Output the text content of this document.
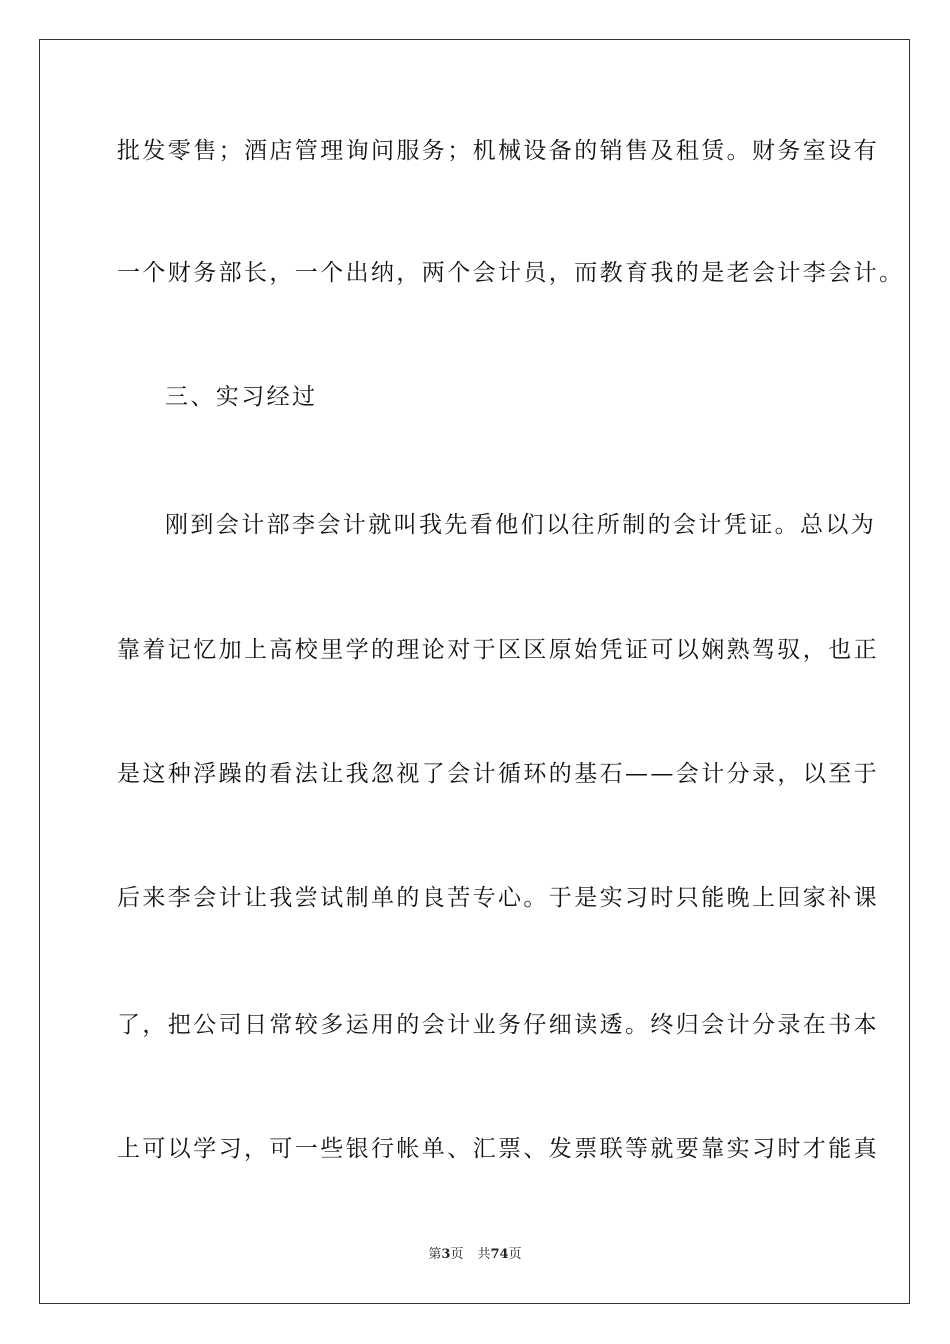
批发零售；酒店管理询问服务；机械设备的销售及租赁。财务室设有
一个财务部长，一个出纳，两个会计员，而教育我的是老会计李会计。
三、实习经过
刚到会计部李会计就叫我先看他们以往所制的会计凭证。总以为
靠着记忆加上高校里学的理论对于区区原始凭证可以娴熟驾驭，也正
是这种浮躁的看法让我忽视了会计循环的基石——会计分录，以至于
后来李会计让我尝试制单的良苦专心。于是实习时只能晚上回家补课
了，把公司日常较多运用的会计业务仔细读透。终归会计分录在书本
上可以学习，可一些银行帐单、汇票、发票联等就要靠实习时才能真
第3页 共74页
